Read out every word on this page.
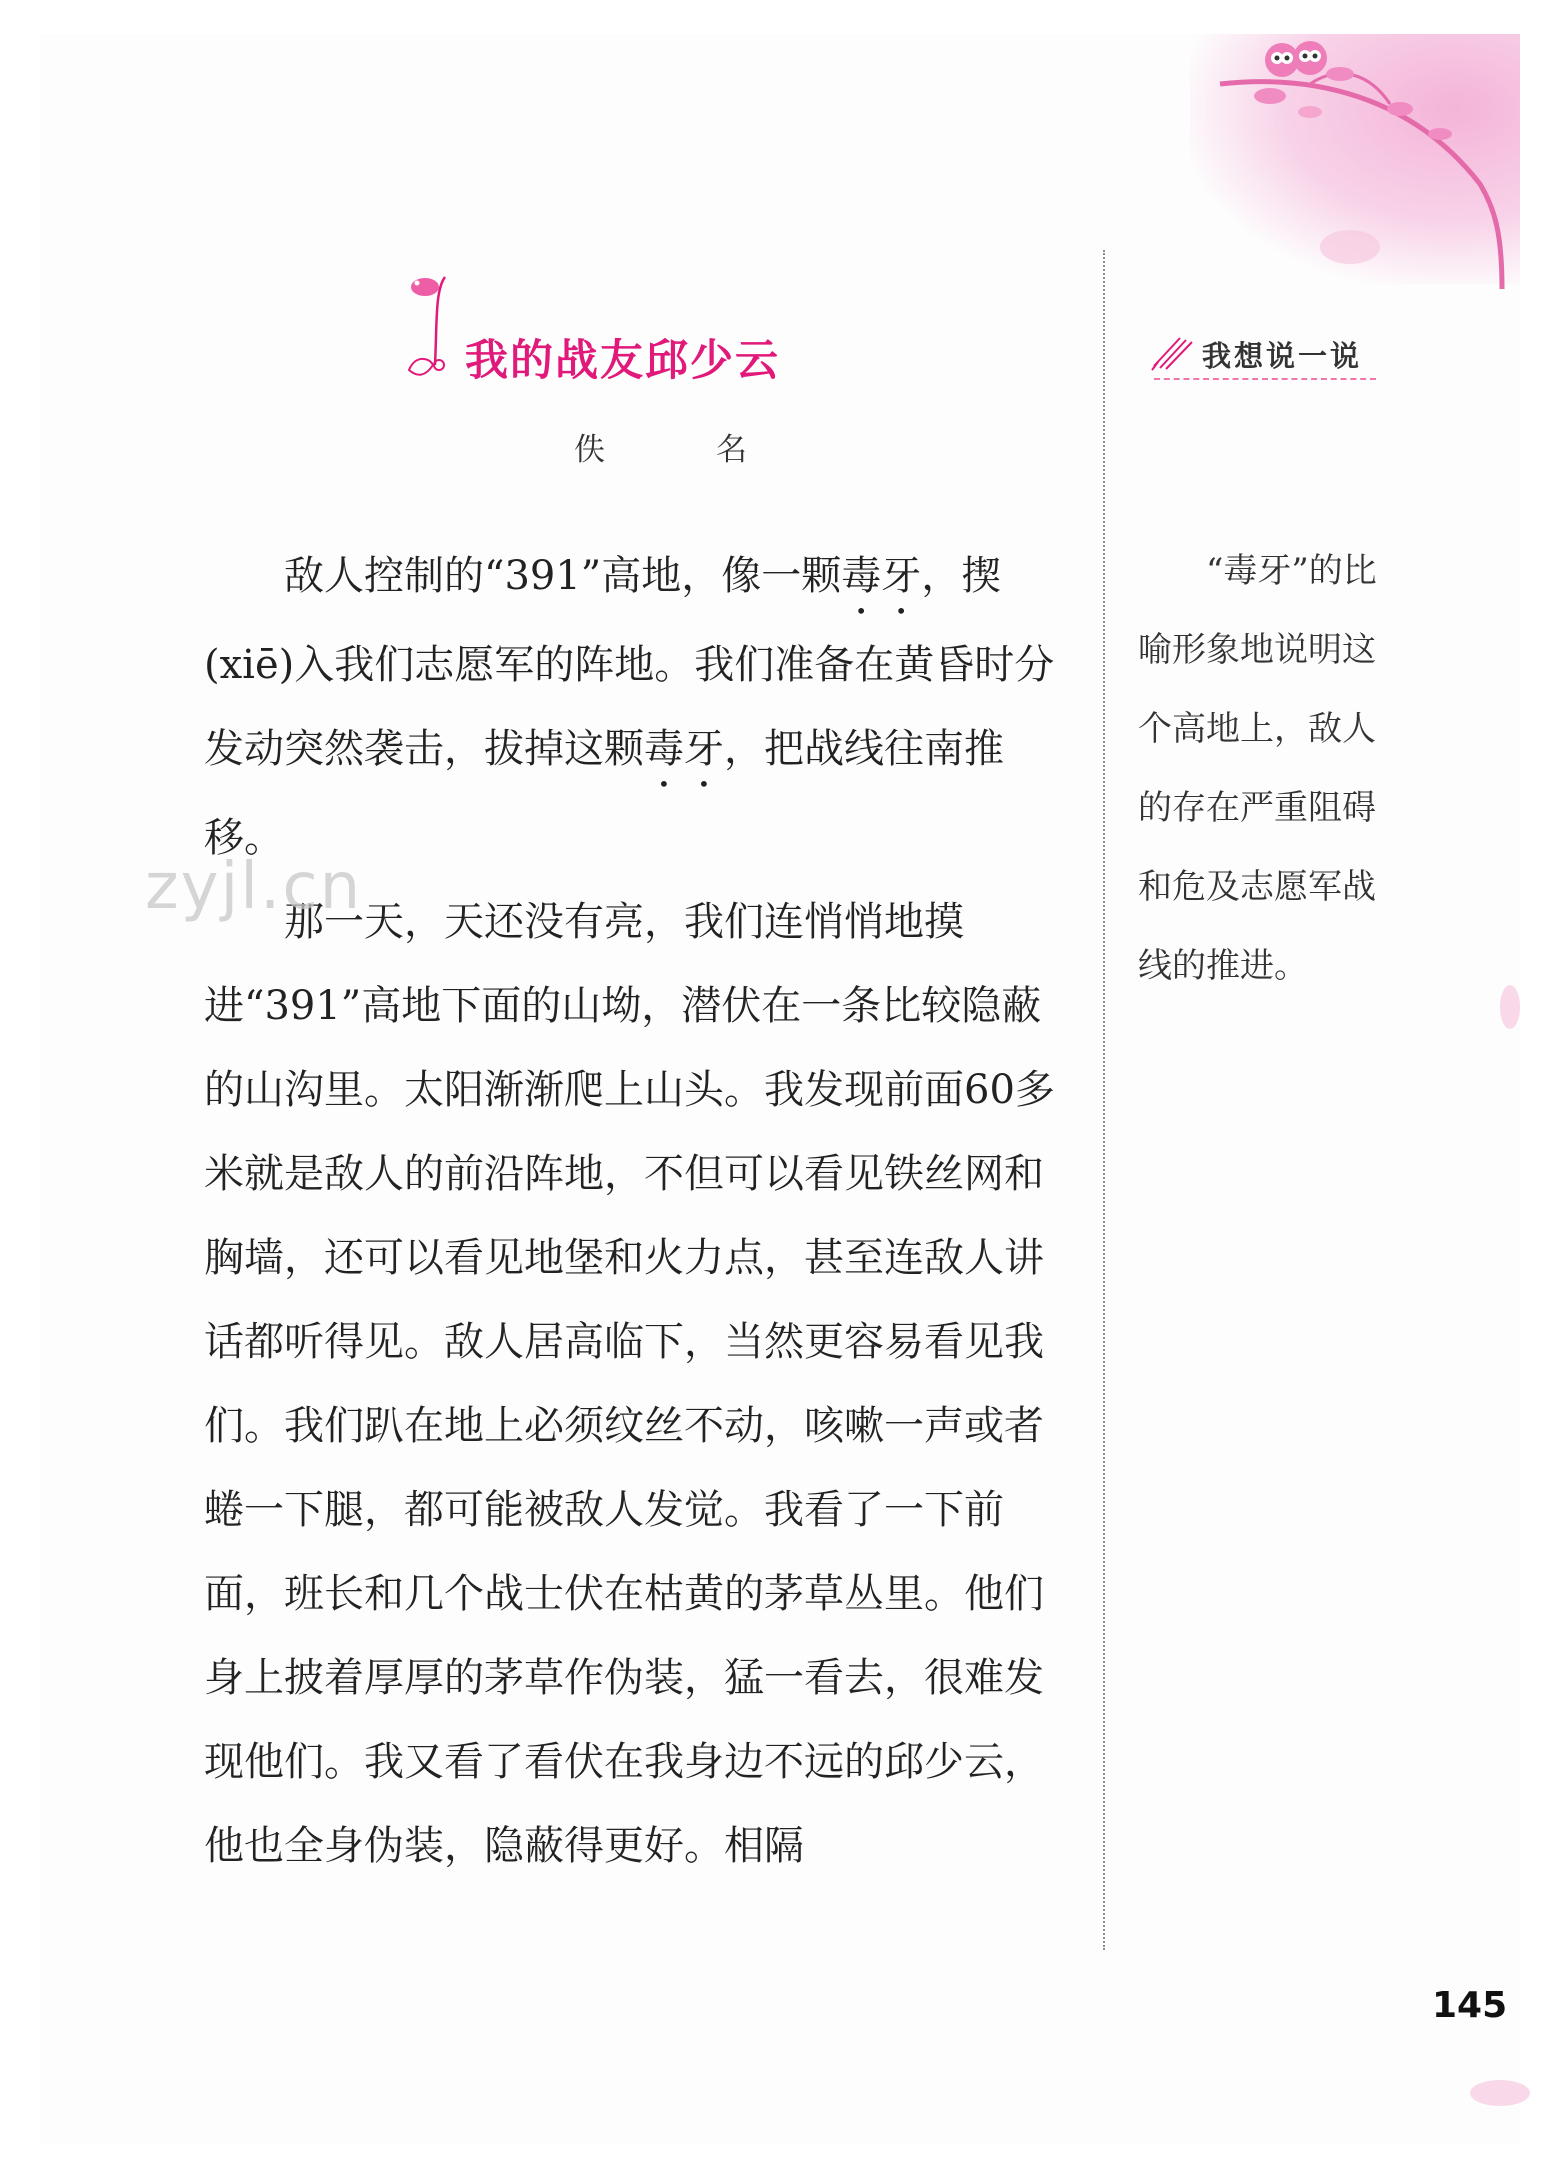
我的战友邱少云
佚　名

敌人控制的“391”高地，像一颗毒牙，揳(xiē)入我们志愿军的阵地。我们准备在黄昏时分发动突然袭击，拔掉这颗毒牙，把战线往南推移。

那一天，天还没有亮，我们连悄悄地摸进“391”高地下面的山坳，潜伏在一条比较隐蔽的山沟里。太阳渐渐爬上山头。我发现前面60多米就是敌人的前沿阵地，不但可以看见铁丝网和胸墙，还可以看见地堡和火力点，甚至连敌人讲话都听得见。敌人居高临下，当然更容易看见我们。我们趴在地上必须纹丝不动，咳嗽一声或者蜷一下腿，都可能被敌人发觉。我看了一下前面，班长和几个战士伏在枯黄的茅草丛里。他们身上披着厚厚的茅草作伪装，猛一看去，很难发现他们。我又看了看伏在我身边不远的邱少云，他也全身伪装，隐蔽得更好。相隔

我想说一说

“毒牙”的比喻形象地说明这个高地上，敌人的存在严重阻碍和危及志愿军战线的推进。

zyjl.cn
145
